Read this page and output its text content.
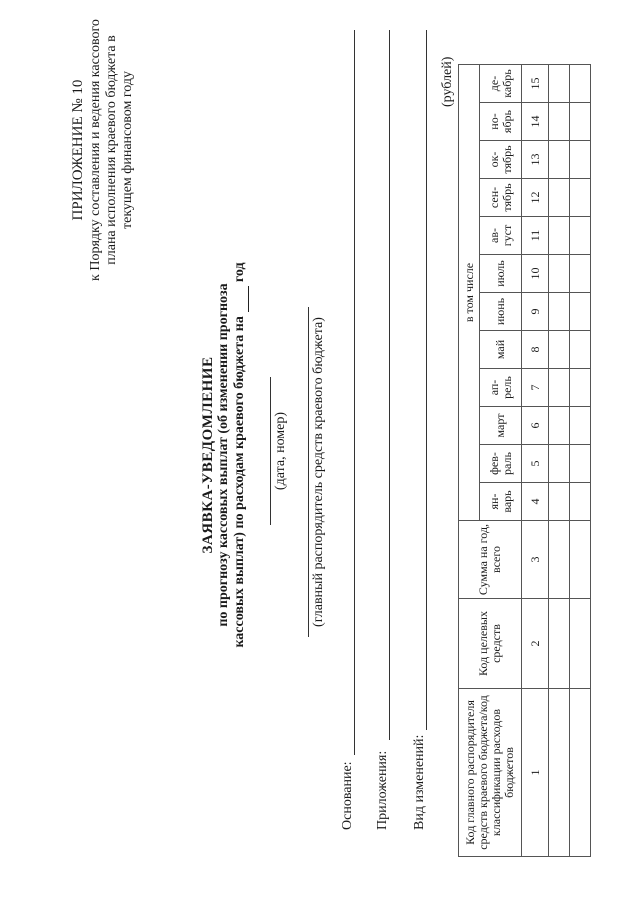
ПРИЛОЖЕНИЕ № 10 к Порядку составления и ведения кассового плана исполнения краевого бюджета в текущем финансовом году
ЗАЯВКА-УВЕДОМЛЕНИЕ по прогнозу кассовых выплат (об изменении прогноза кассовых выплат) по расходам краевого бюджета на год
(дата, номер) (главный распорядитель средств краевого бюджета)
Основание: Приложения: Вид изменений:
(рублей)
Код главного распорядителя средств краевого бюджета/код классификации расходов бюджетов	Код целевых средств	Сумма на год, всего	в том числе											
			ян-варь	фев-раль	март	ап-рель	май	июнь	июль	ав-густ	сен-тябрь	ок-тябрь	но-ябрь	де-кабрь
1	2	3	4	5	6	7	8	9	10	11	12	13	14	15
